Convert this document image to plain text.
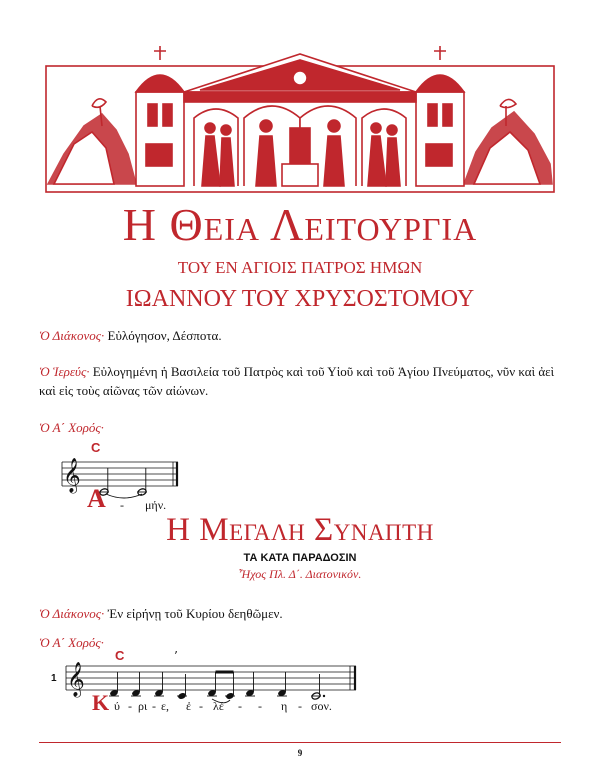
Η Θεια Λειτουργια
ΤΟΥ ΕΝ ΑΓΙΟΙΣ ΠΑΤΡΟΣ ΗΜΩΝ
ΙΩΑΝΝΟΥ ΤΟΥ ΧΡΥΣΟΣΤΟΜΟΥ
Ὁ Διάκονος· Εὐλόγησον, Δέσποτα.
Ὁ Ἱερεύς· Εὐλογημένη ἡ Βασιλεία τοῦ Πατρὸς καὶ τοῦ Υἱοῦ καὶ τοῦ Ἁγίου Πνεύματος, νῦν καὶ ἀεὶ καὶ εἰς τοὺς αἰῶνας τῶν αἰώνων.
Ὁ Α΄ Χορός·
𝄞
C
Α - μήν.
Η Μεγαλη Συναπτη
ΤΑ ΚΑΤΑ ΠΑΡΑΔΟΣΙΝ
Ἦχος Πλ. Δ΄. Διατονικόν.
Ὁ Διάκονος· Ἐν εἰρήνῃ τοῦ Κυρίου δεηθῶμεν.
Ὁ Α΄ Χορός·
1 𝄞
’
C
Κ ύ - ρι - ε, ἐ - λέ - - η - σον.
9
